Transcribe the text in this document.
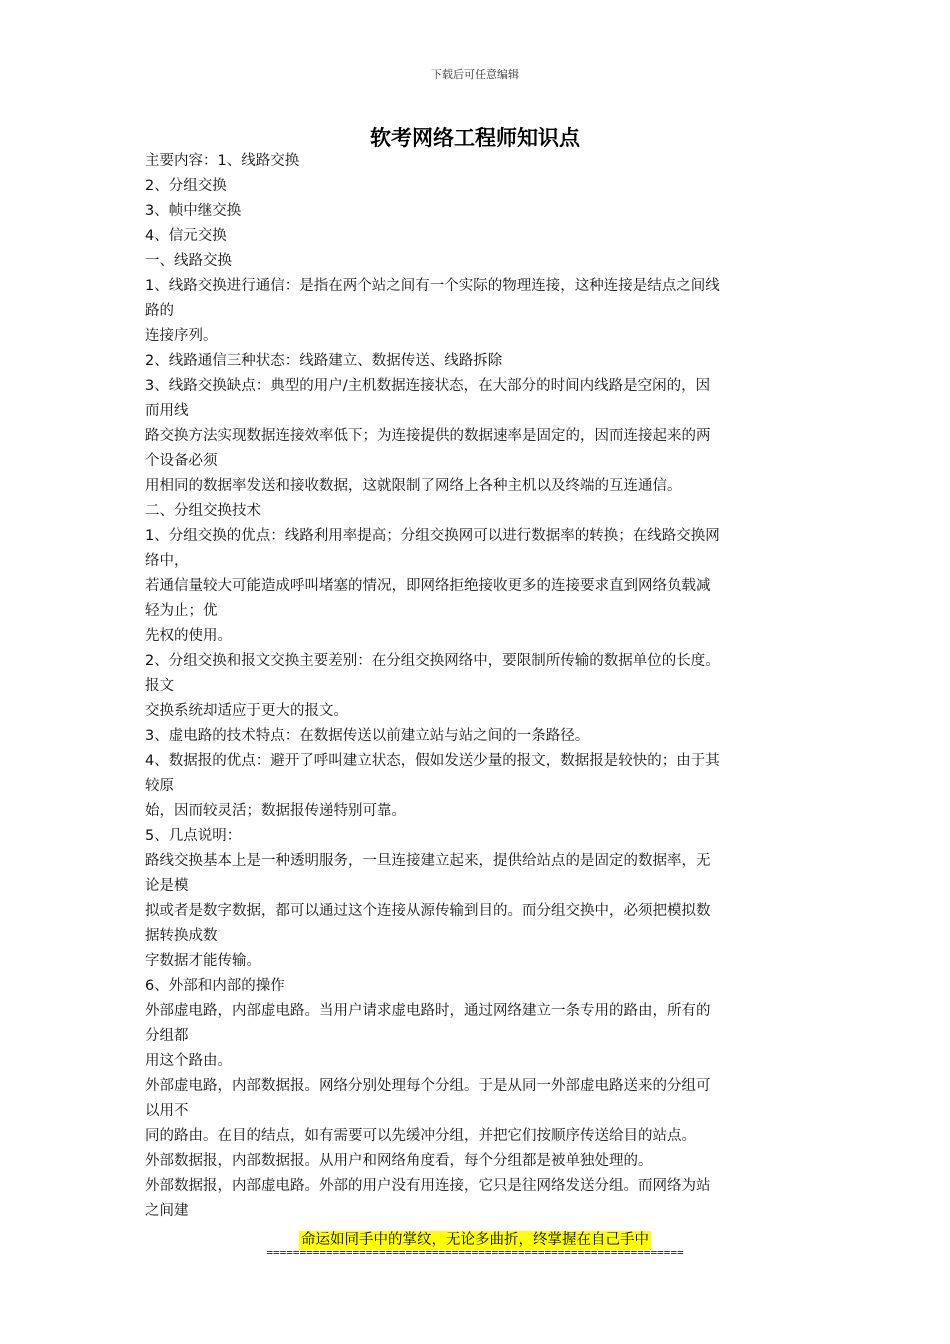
下载后可任意编辑
软考网络工程师知识点
主要内容：1、线路交换
2、分组交换
3、帧中继交换
4、信元交换
一、线路交换
1、线路交换进行通信：是指在两个站之间有一个实际的物理连接，这种连接是结点之间线
路的
连接序列。
2、线路通信三种状态：线路建立、数据传送、线路拆除
3、线路交换缺点：典型的用户/主机数据连接状态，在大部分的时间内线路是空闲的，因
而用线
路交换方法实现数据连接效率低下；为连接提供的数据速率是固定的，因而连接起来的两
个设备必须
用相同的数据率发送和接收数据，这就限制了网络上各种主机以及终端的互连通信。
二、分组交换技术
1、分组交换的优点：线路利用率提高；分组交换网可以进行数据率的转换；在线路交换网
络中，
若通信量较大可能造成呼叫堵塞的情况，即网络拒绝接收更多的连接要求直到网络负载减
轻为止；优
先权的使用。
2、分组交换和报文交换主要差别：在分组交换网络中，要限制所传输的数据单位的长度。
报文
交换系统却适应于更大的报文。
3、虚电路的技术特点：在数据传送以前建立站与站之间的一条路径。
4、数据报的优点：避开了呼叫建立状态，假如发送少量的报文，数据报是较快的；由于其
较原
始，因而较灵活；数据报传递特别可靠。
5、几点说明：
路线交换基本上是一种透明服务，一旦连接建立起来，提供给站点的是固定的数据率，无
论是模
拟或者是数字数据，都可以通过这个连接从源传输到目的。而分组交换中，必须把模拟数
据转换成数
字数据才能传输。
6、外部和内部的操作
外部虚电路，内部虚电路。当用户请求虚电路时，通过网络建立一条专用的路由，所有的
分组都
用这个路由。
外部虚电路，内部数据报。网络分别处理每个分组。于是从同一外部虚电路送来的分组可
以用不
同的路由。在目的结点，如有需要可以先缓冲分组，并把它们按顺序传送给目的站点。
外部数据报，内部数据报。从用户和网络角度看，每个分组都是被单独处理的。
外部数据报，内部虚电路。外部的用户没有用连接，它只是往网络发送分组。而网络为站
之间建
命运如同手中的掌纹，无论多曲折，终掌握在自己手中
===============================================================
